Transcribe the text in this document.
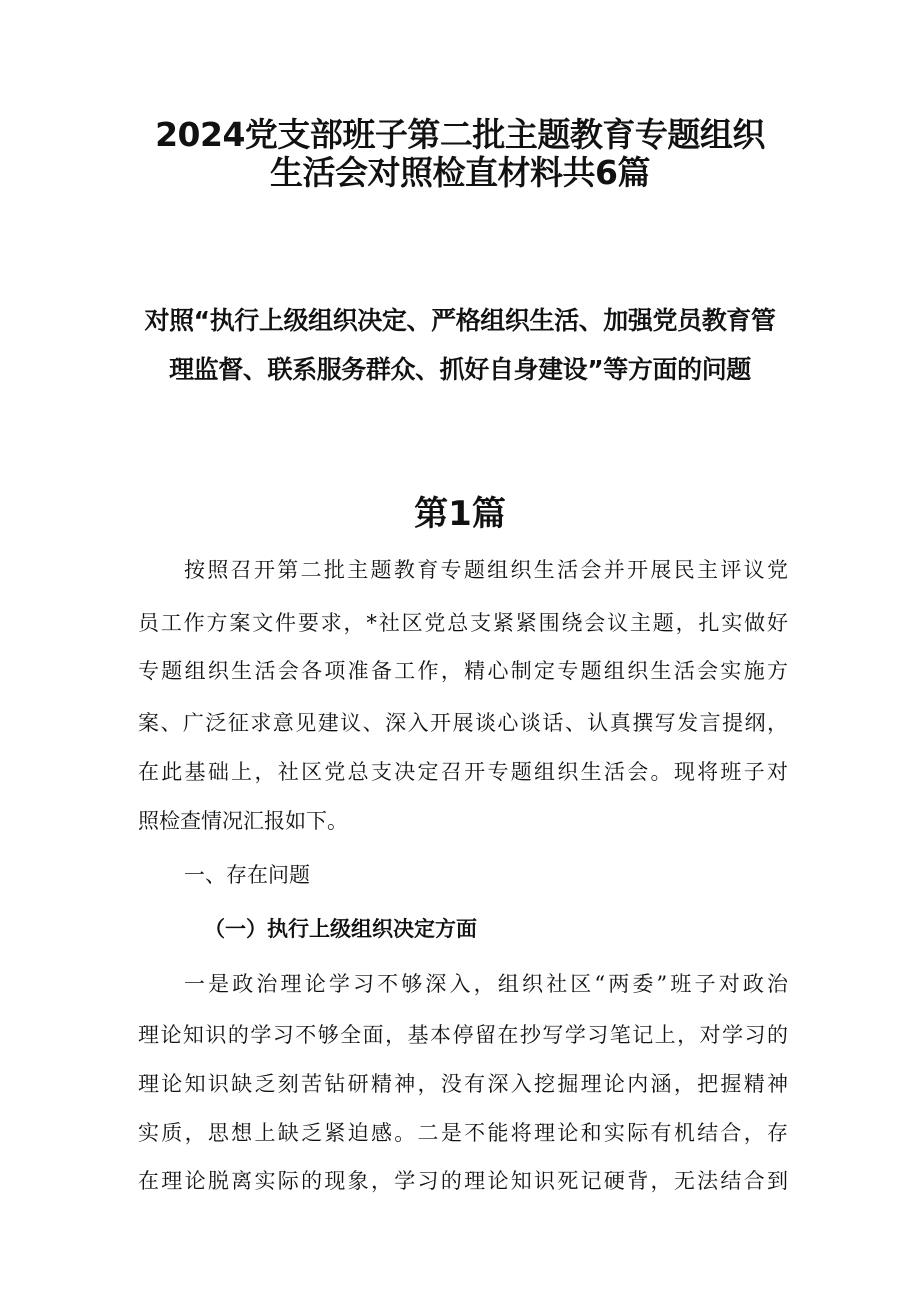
2024党支部班子第二批主题教育专题组织
生活会对照检直材料共6篇
对照“执行上级组织决定、严格组织生活、加强党员教育管
理监督、联系服务群众、抓好自身建设”等方面的问题
第1篇
按照召开第二批主题教育专题组织生活会并开展民主评议党
员工作方案文件要求，*社区党总支紧紧围绕会议主题，扎实做好
专题组织生活会各项准备工作，精心制定专题组织生活会实施方
案、广泛征求意见建议、深入开展谈心谈话、认真撰写发言提纲，
在此基础上，社区党总支决定召开专题组织生活会。现将班子对
照检查情况汇报如下。
一、存在问题
（一）执行上级组织决定方面
一是政治理论学习不够深入，组织社区“两委”班子对政治
理论知识的学习不够全面，基本停留在抄写学习笔记上，对学习的
理论知识缺乏刻苦钻研精神，没有深入挖掘理论内涵，把握精神
实质，思想上缺乏紧迫感。二是不能将理论和实际有机结合，存
在理论脱离实际的现象，学习的理论知识死记硬背，无法结合到
